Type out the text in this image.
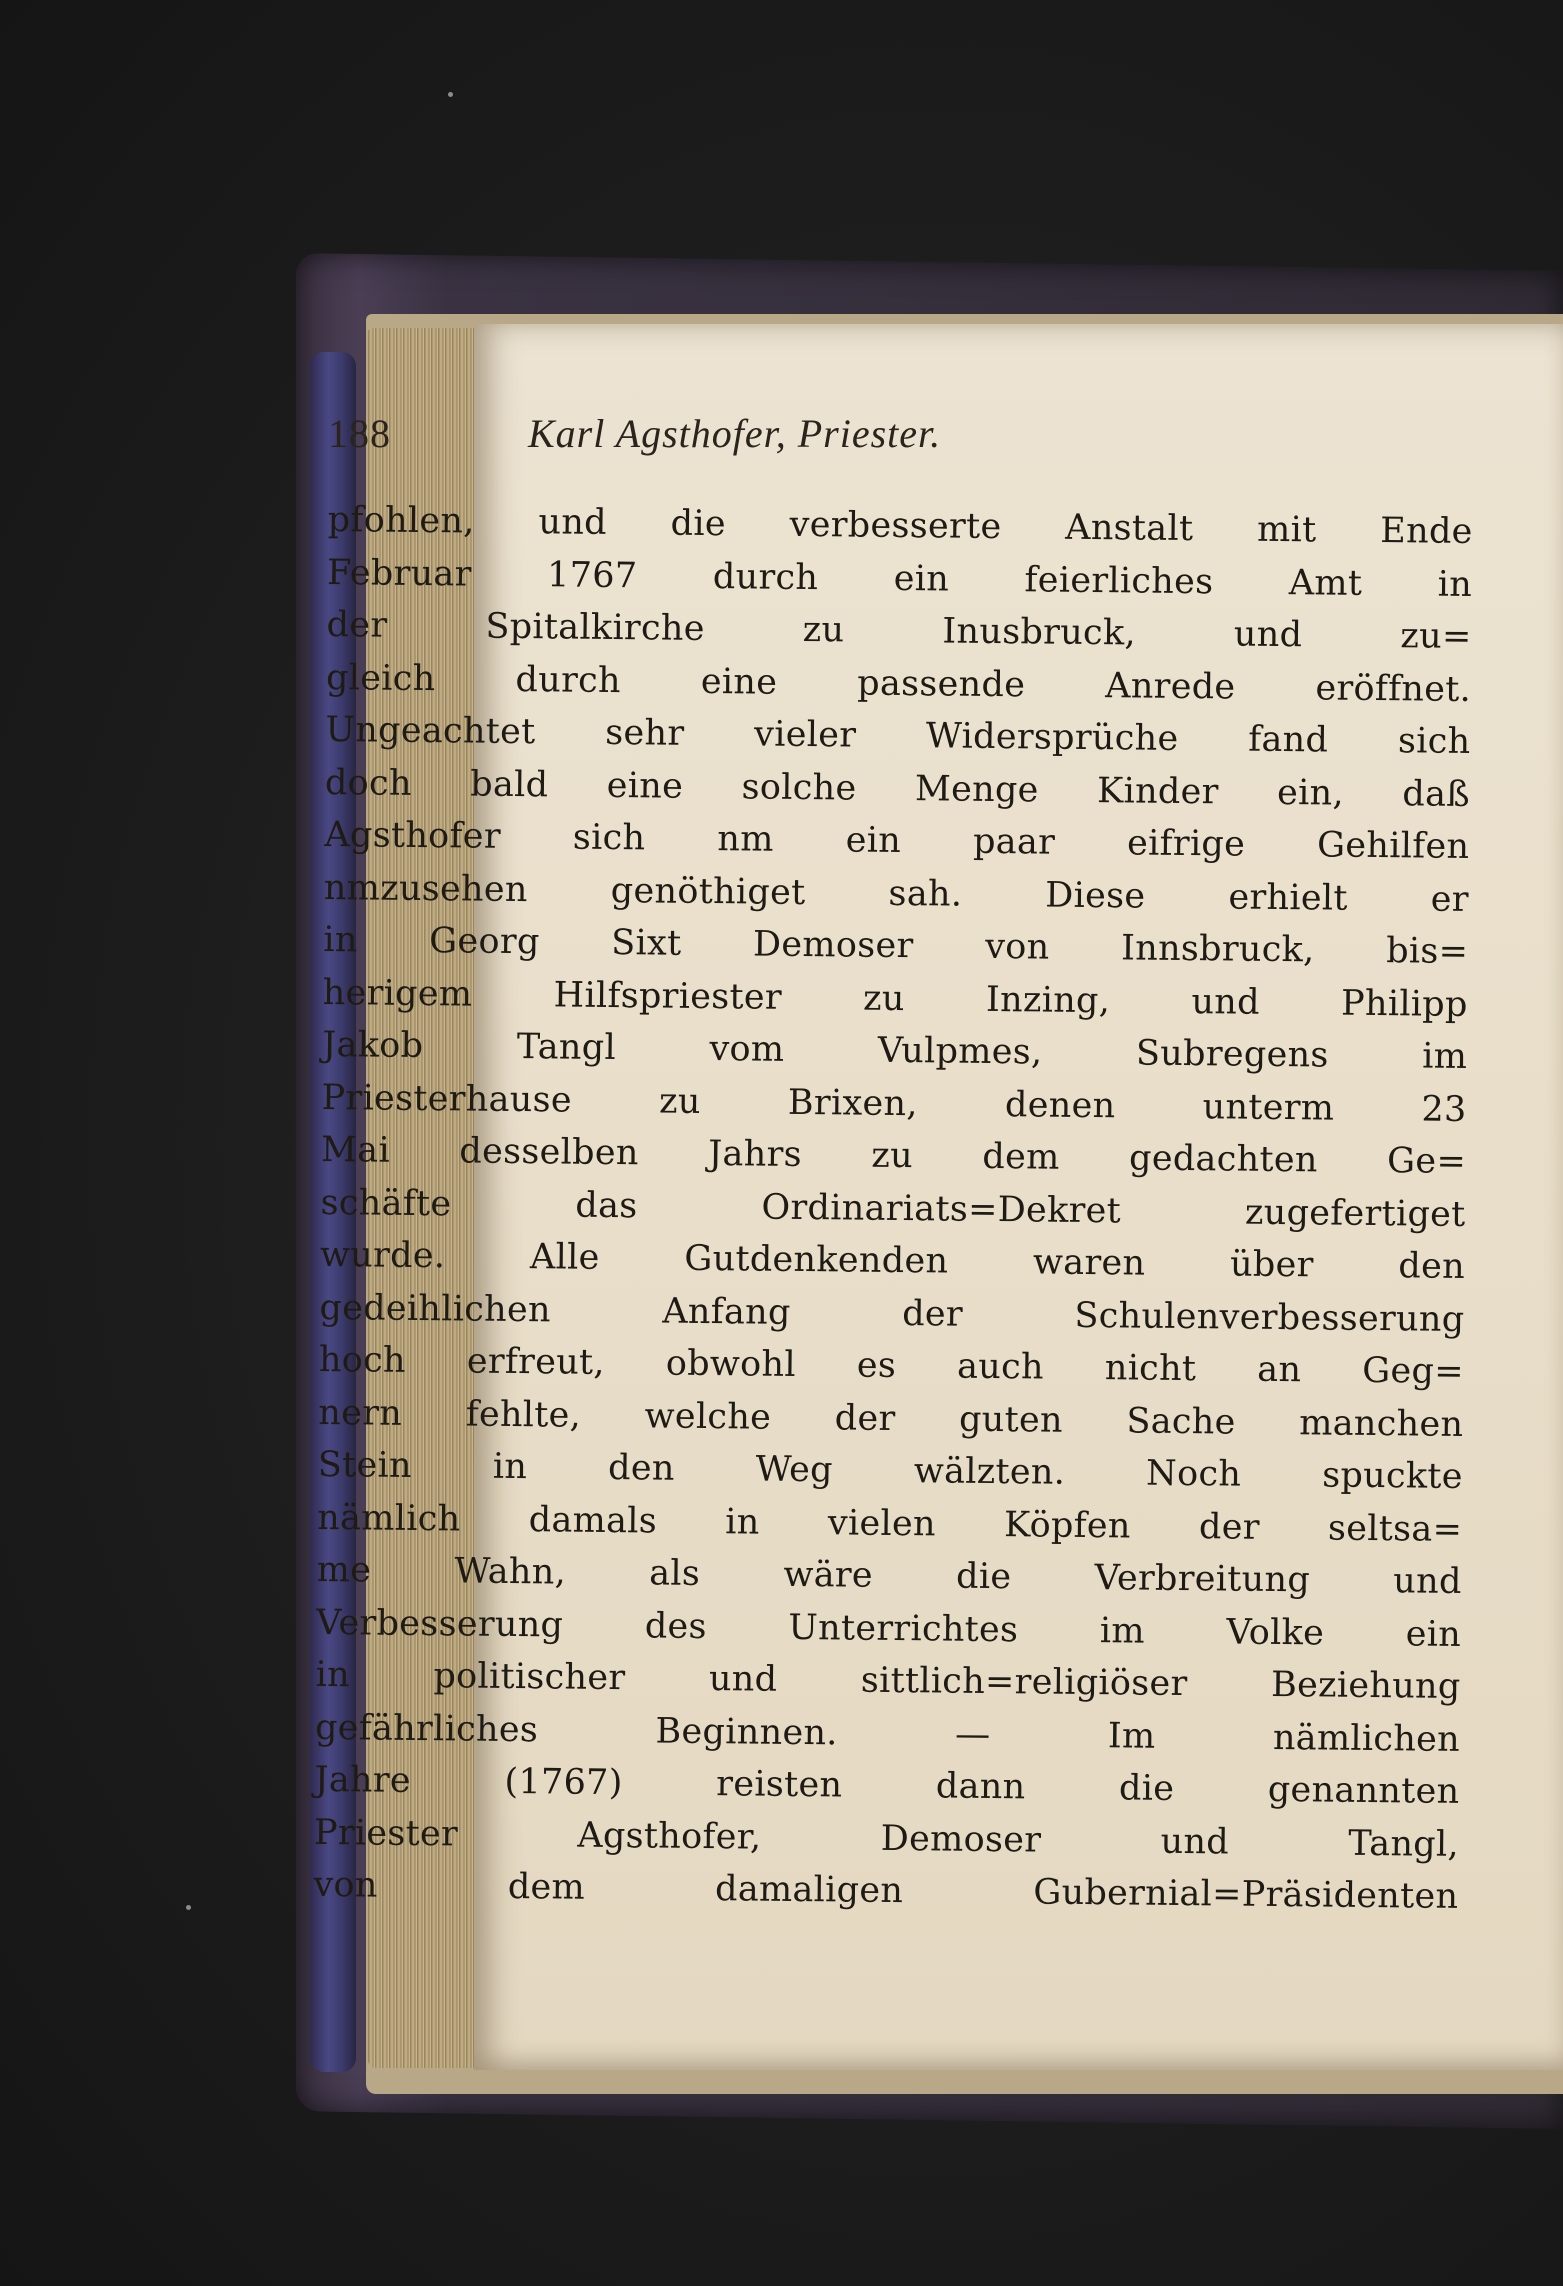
188	Karl Agsthofer, Priester.
pfohlen, und die verbesserte Anstalt mit Ende
Februar 1767 durch ein feierliches Amt in
der Spitalkirche zu Inusbruck, und zu=
gleich durch eine passende Anrede eröffnet.
Ungeachtet sehr vieler Widersprüche fand sich
doch bald eine solche Menge Kinder ein, daß
Agsthofer sich nm ein paar eifrige Gehilfen
nmzusehen genöthiget sah. Diese erhielt er
in Georg Sixt Demoser von Innsbruck, bis=
herigem Hilfspriester zu Inzing, und Philipp
Jakob Tangl vom Vulpmes, Subregens im
Priesterhause zu Brixen, denen unterm 23
Mai desselben Jahrs zu dem gedachten Ge=
schäfte das Ordinariats=Dekret zugefertiget
wurde. Alle Gutdenkenden waren über den
gedeihlichen Anfang der Schulenverbesserung
hoch erfreut, obwohl es auch nicht an Geg=
nern fehlte, welche der guten Sache manchen
Stein in den Weg wälzten. Noch spuckte
nämlich damals in vielen Köpfen der seltsa=
me Wahn, als wäre die Verbreitung und
Verbesserung des Unterrichtes im Volke ein
in politischer und sittlich=religiöser Beziehung
gefährliches Beginnen. — Im nämlichen
Jahre (1767) reisten dann die genannten
Priester Agsthofer, Demoser und Tangl,
von dem damaligen Gubernial=Präsidenten
